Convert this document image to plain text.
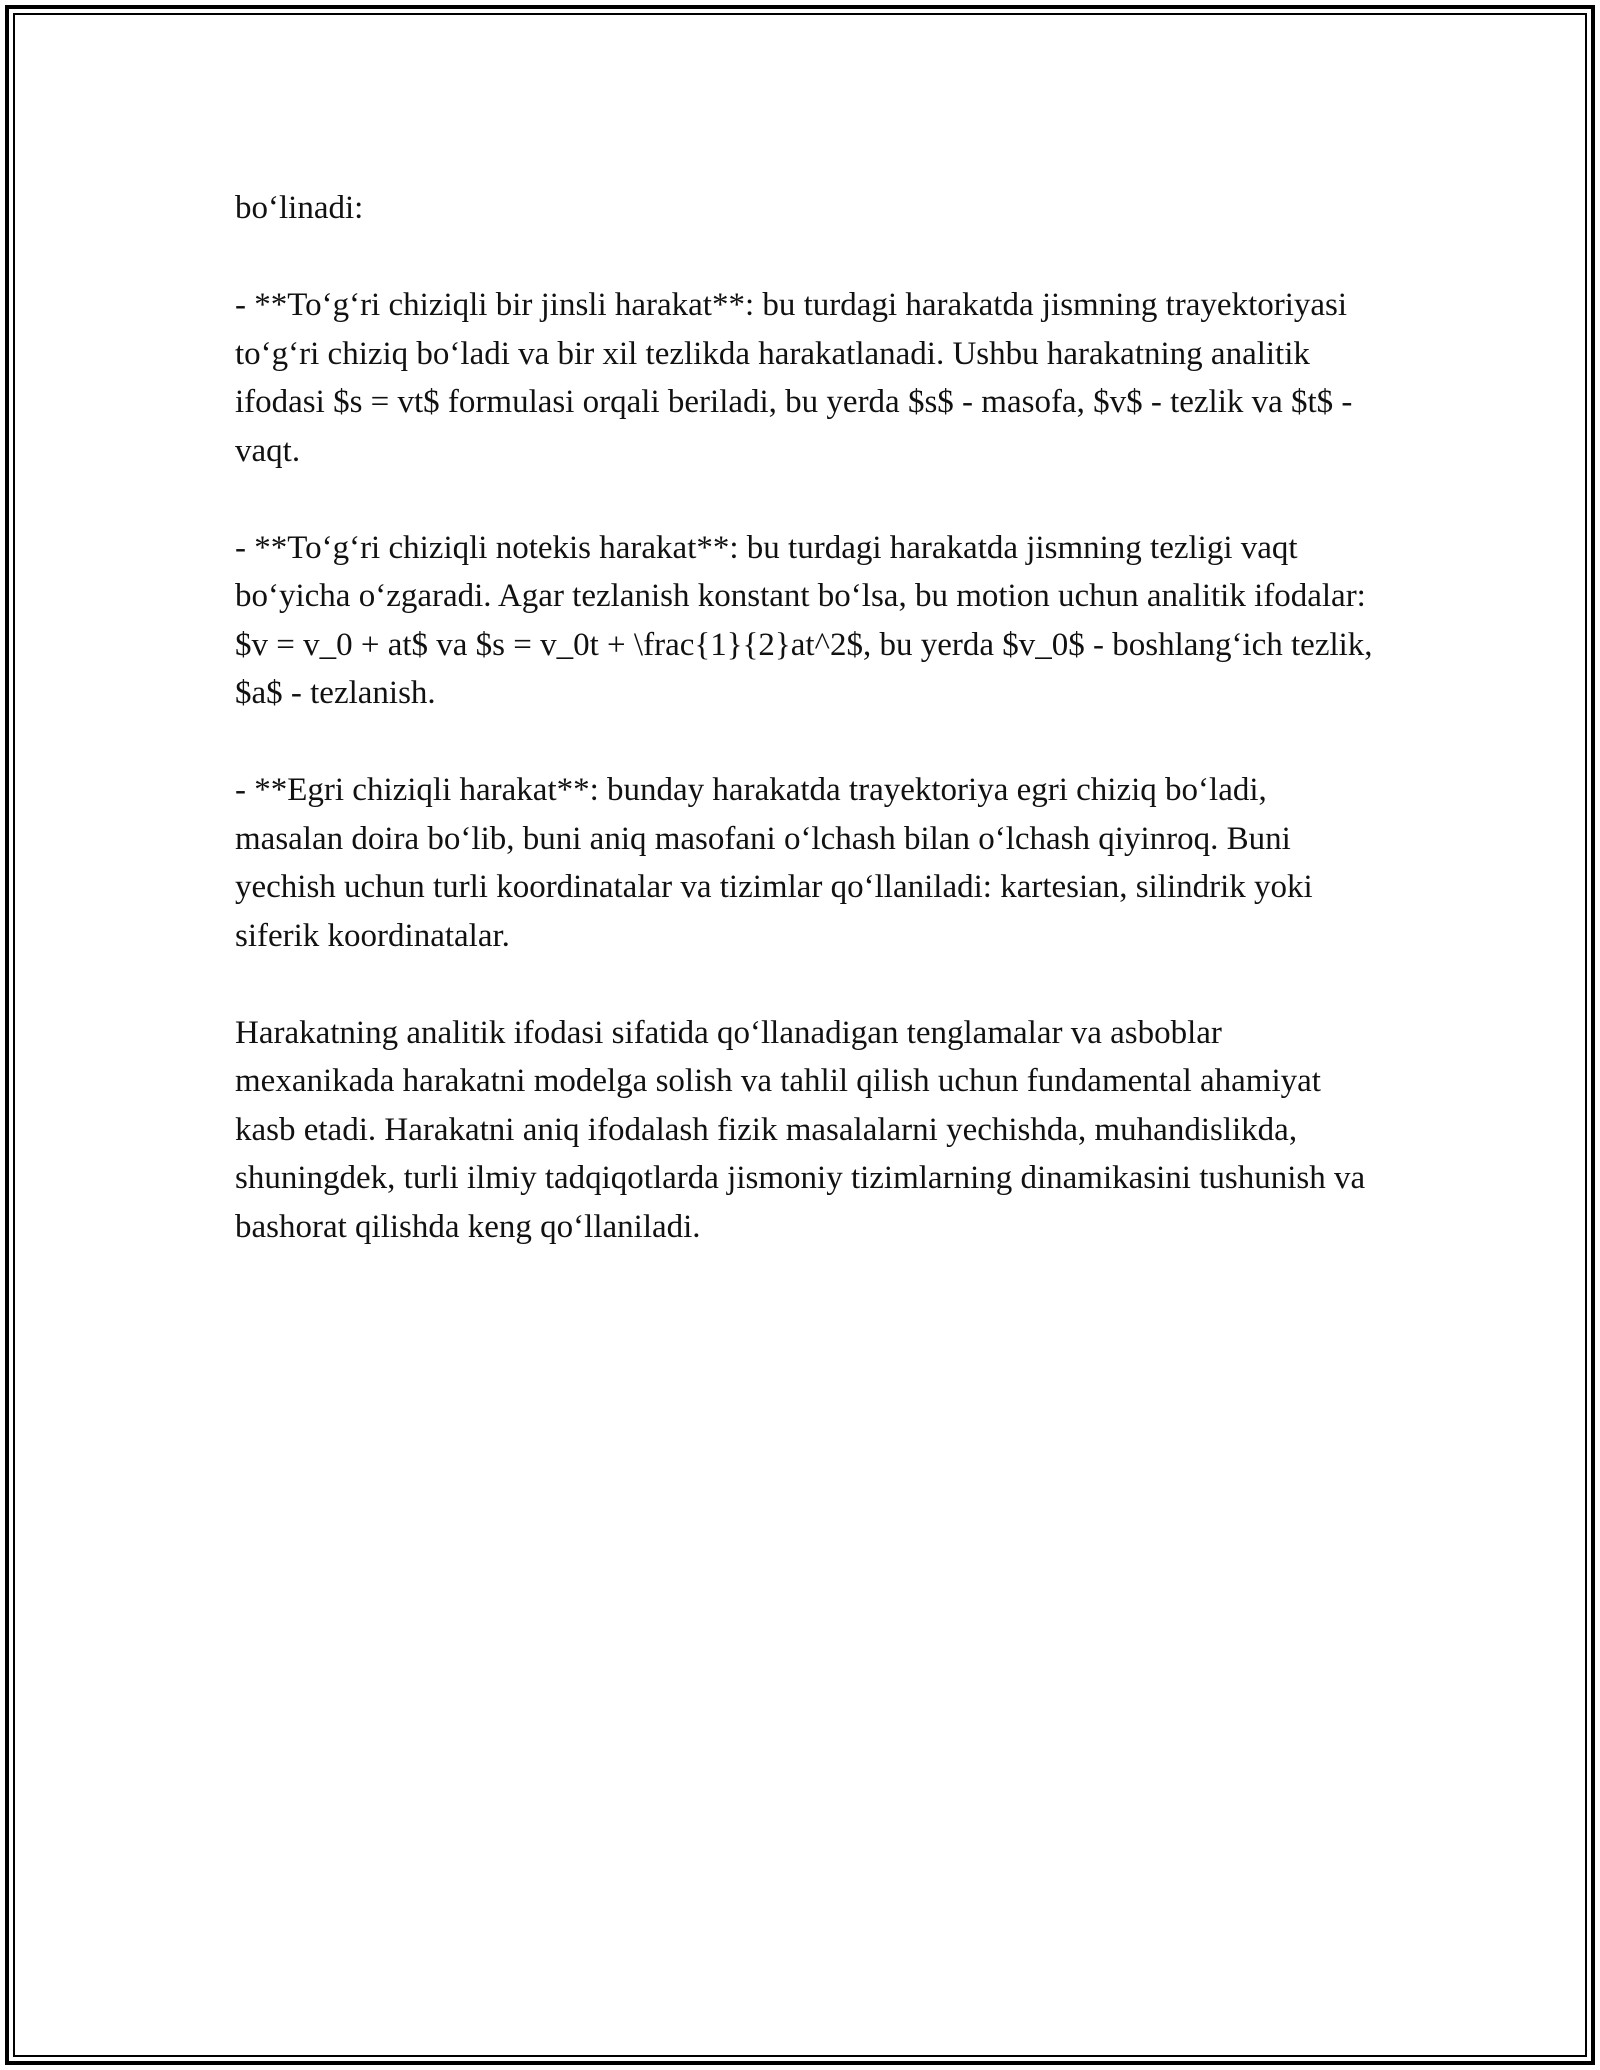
bo‘linadi:

- **To‘g‘ri chiziqli bir jinsli harakat**: bu turdagi harakatda jismning trayektoriyasi to‘g‘ri chiziq bo‘ladi va bir xil tezlikda harakatlanadi. Ushbu harakatning analitik ifodasi $s = vt$ formulasi orqali beriladi, bu yerda $s$ - masofa, $v$ - tezlik va $t$ - vaqt.

- **To‘g‘ri chiziqli notekis harakat**: bu turdagi harakatda jismning tezligi vaqt bo‘yicha o‘zgaradi. Agar tezlanish konstant bo‘lsa, bu motion uchun analitik ifodalar: $v = v_0 + at$ va $s = v_0t + \frac{1}{2}at^2$, bu yerda $v_0$ - boshlang‘ich tezlik, $a$ - tezlanish.

- **Egri chiziqli harakat**: bunday harakatda trayektoriya egri chiziq bo‘ladi, masalan doira bo‘lib, buni aniq masofani o‘lchash bilan o‘lchash qiyinroq. Buni yechish uchun turli koordinatalar va tizimlar qo‘llaniladi: kartesian, silindrik yoki siferik koordinatalar.

Harakatning analitik ifodasi sifatida qo‘llanadigan tenglamalar va asboblar mexanikada harakatni modelga solish va tahlil qilish uchun fundamental ahamiyat kasb etadi. Harakatni aniq ifodalash fizik masalalarni yechishda, muhandislikda, shuningdek, turli ilmiy tadqiqotlarda jismoniy tizimlarning dinamikasini tushunish va bashorat qilishda keng qo‘llaniladi.
